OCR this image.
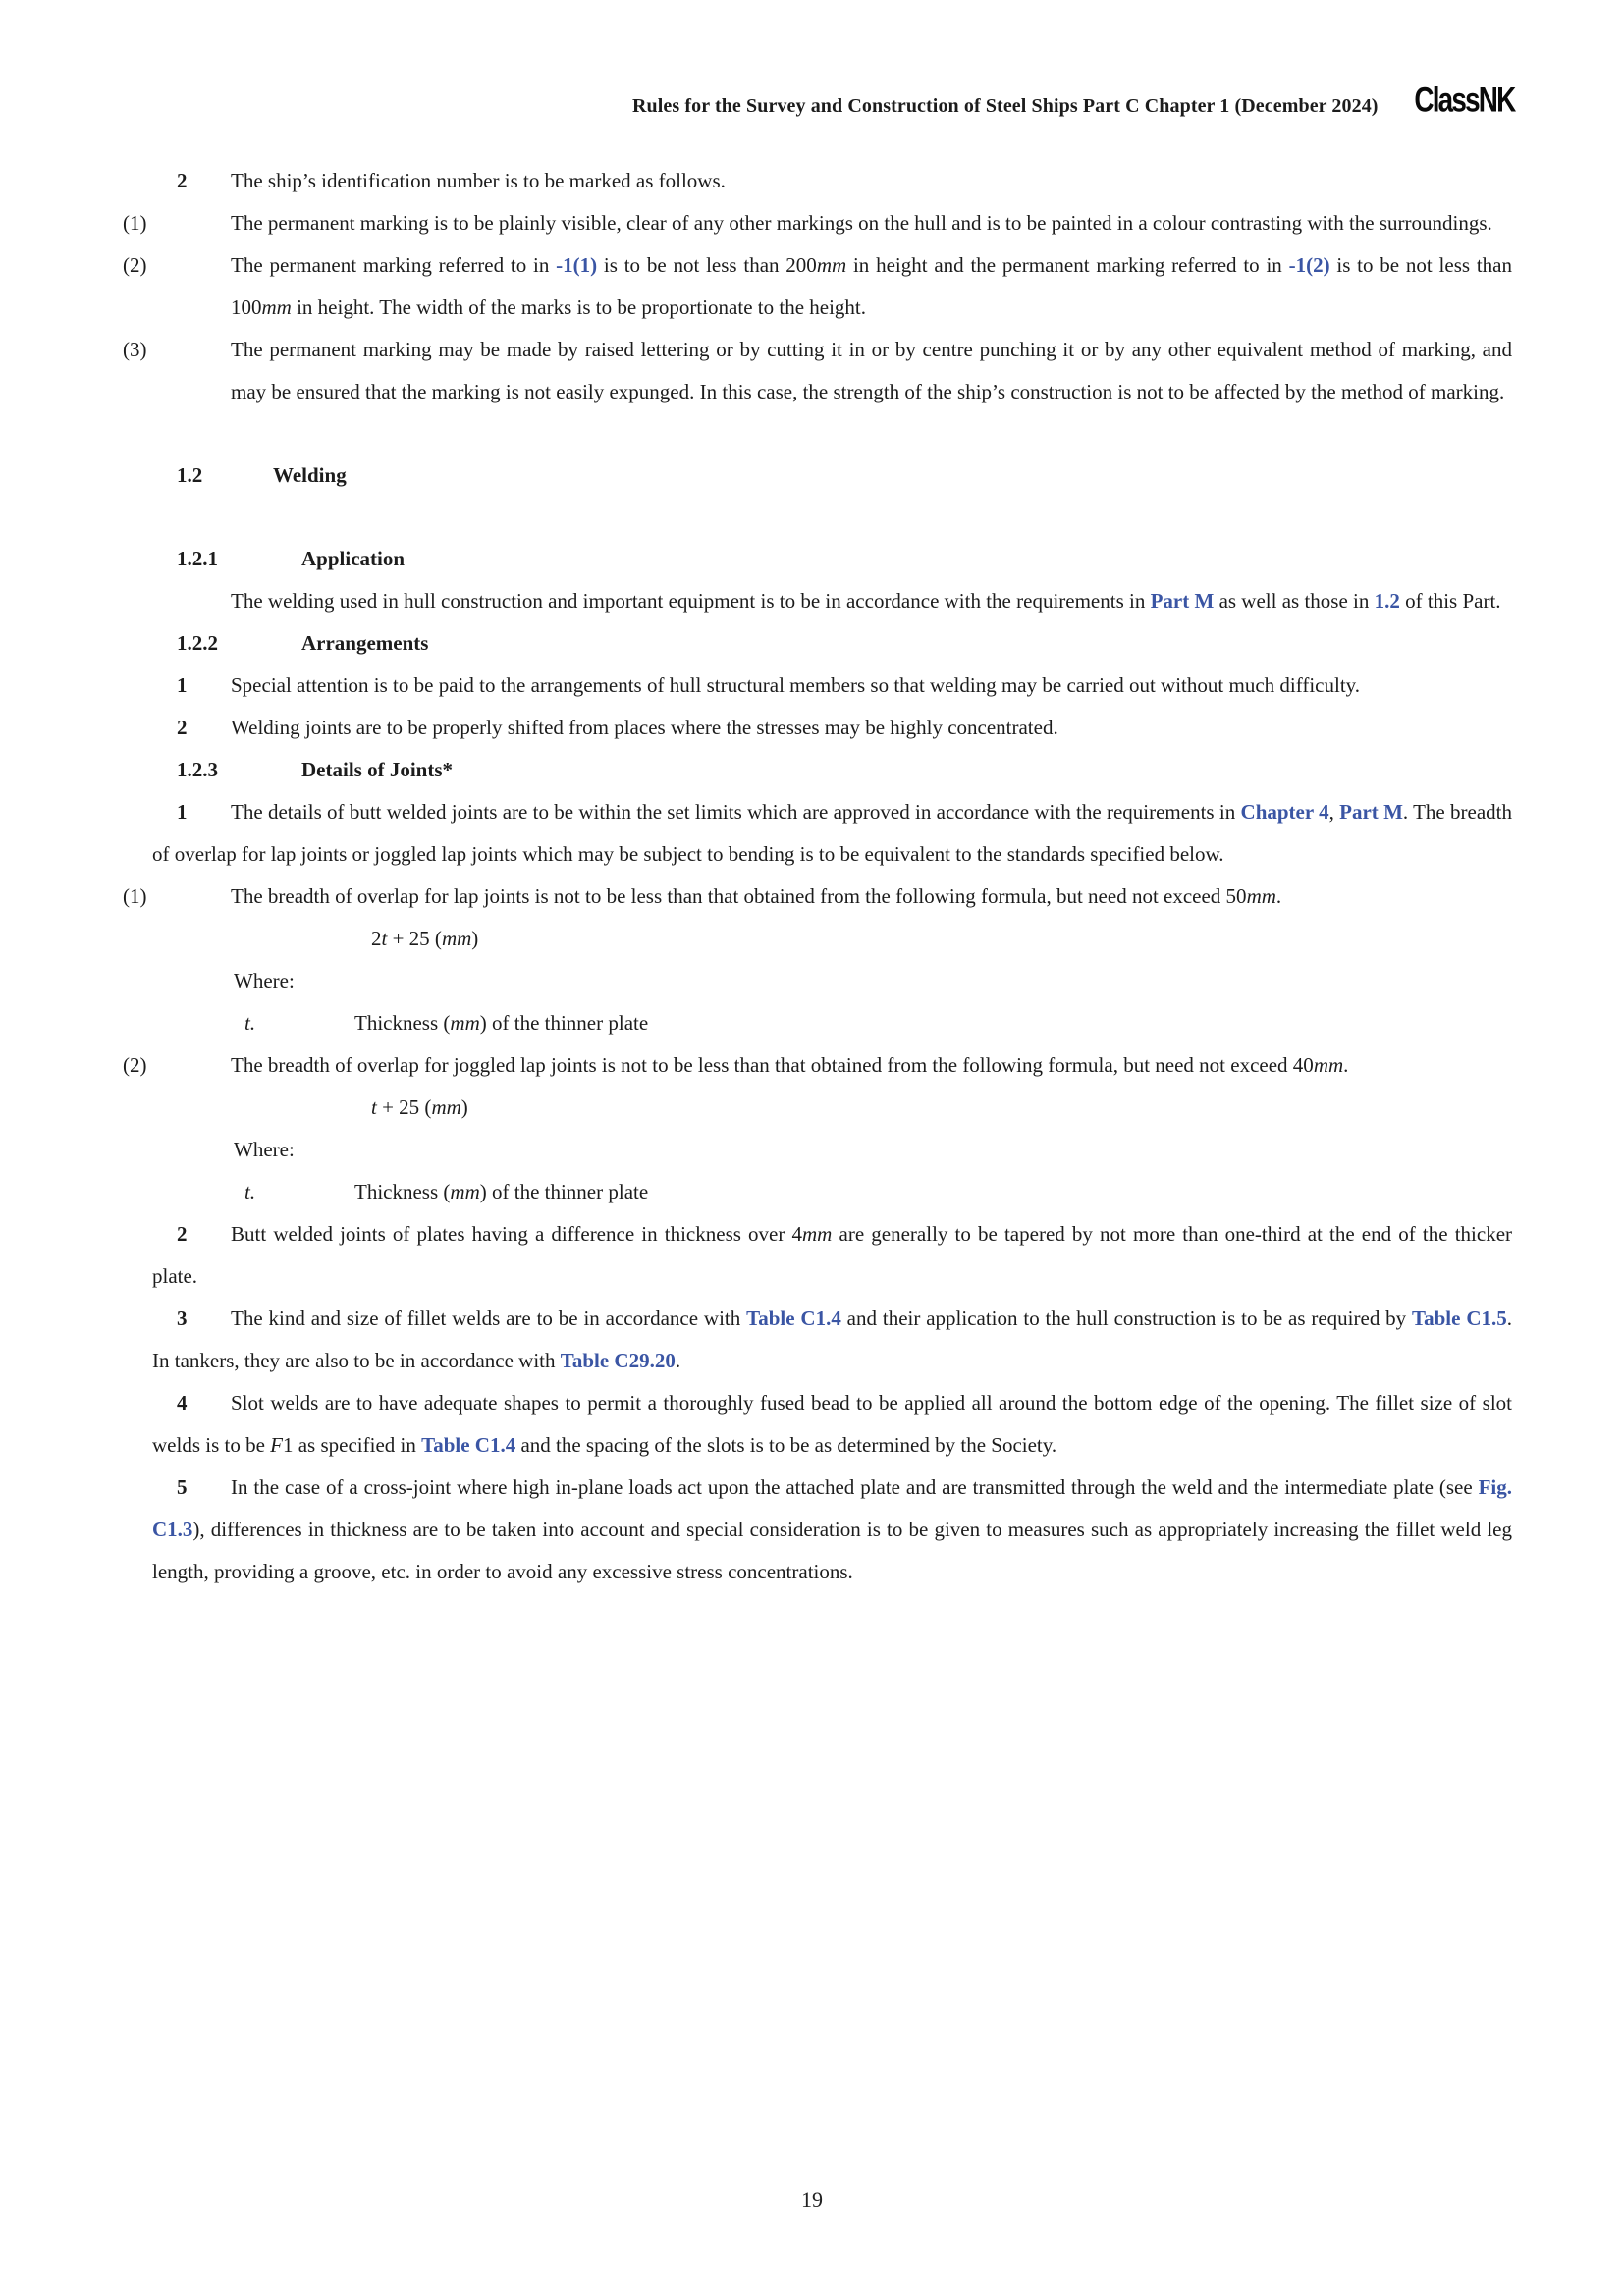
Rules for the Survey and Construction of Steel Ships Part C Chapter 1 (December 2024) ClassNK
2 The ship’s identification number is to be marked as follows.
(1)	The permanent marking is to be plainly visible, clear of any other markings on the hull and is to be painted in a colour contrasting with the surroundings.
(2)	The permanent marking referred to in -1(1) is to be not less than 200mm in height and the permanent marking referred to in -1(2) is to be not less than 100mm in height. The width of the marks is to be proportionate to the height.
(3)	The permanent marking may be made by raised lettering or by cutting it in or by centre punching it or by any other equivalent method of marking, and may be ensured that the marking is not easily expunged. In this case, the strength of the ship’s construction is not to be affected by the method of marking.
1.2	Welding
1.2.1	Application
The welding used in hull construction and important equipment is to be in accordance with the requirements in Part M as well as those in 1.2 of this Part.
1.2.2	Arrangements
1 Special attention is to be paid to the arrangements of hull structural members so that welding may be carried out without much difficulty.
2 Welding joints are to be properly shifted from places where the stresses may be highly concentrated.
1.2.3	Details of Joints*
1 The details of butt welded joints are to be within the set limits which are approved in accordance with the requirements in Chapter 4, Part M. The breadth of overlap for lap joints or joggled lap joints which may be subject to bending is to be equivalent to the standards specified below.
(1)	The breadth of overlap for lap joints is not to be less than that obtained from the following formula, but need not exceed 50mm.
2t + 25 (mm)
Where:
t.	Thickness (mm) of the thinner plate
(2)	The breadth of overlap for joggled lap joints is not to be less than that obtained from the following formula, but need not exceed 40mm.
t + 25 (mm)
Where:
t.	Thickness (mm) of the thinner plate
2 Butt welded joints of plates having a difference in thickness over 4mm are generally to be tapered by not more than one-third at the end of the thicker plate.
3 The kind and size of fillet welds are to be in accordance with Table C1.4 and their application to the hull construction is to be as required by Table C1.5. In tankers, they are also to be in accordance with Table C29.20.
4 Slot welds are to have adequate shapes to permit a thoroughly fused bead to be applied all around the bottom edge of the opening. The fillet size of slot welds is to be F1 as specified in Table C1.4 and the spacing of the slots is to be as determined by the Society.
5 In the case of a cross-joint where high in-plane loads act upon the attached plate and are transmitted through the weld and the intermediate plate (see Fig. C1.3), differences in thickness are to be taken into account and special consideration is to be given to measures such as appropriately increasing the fillet weld leg length, providing a groove, etc. in order to avoid any excessive stress concentrations.
19
